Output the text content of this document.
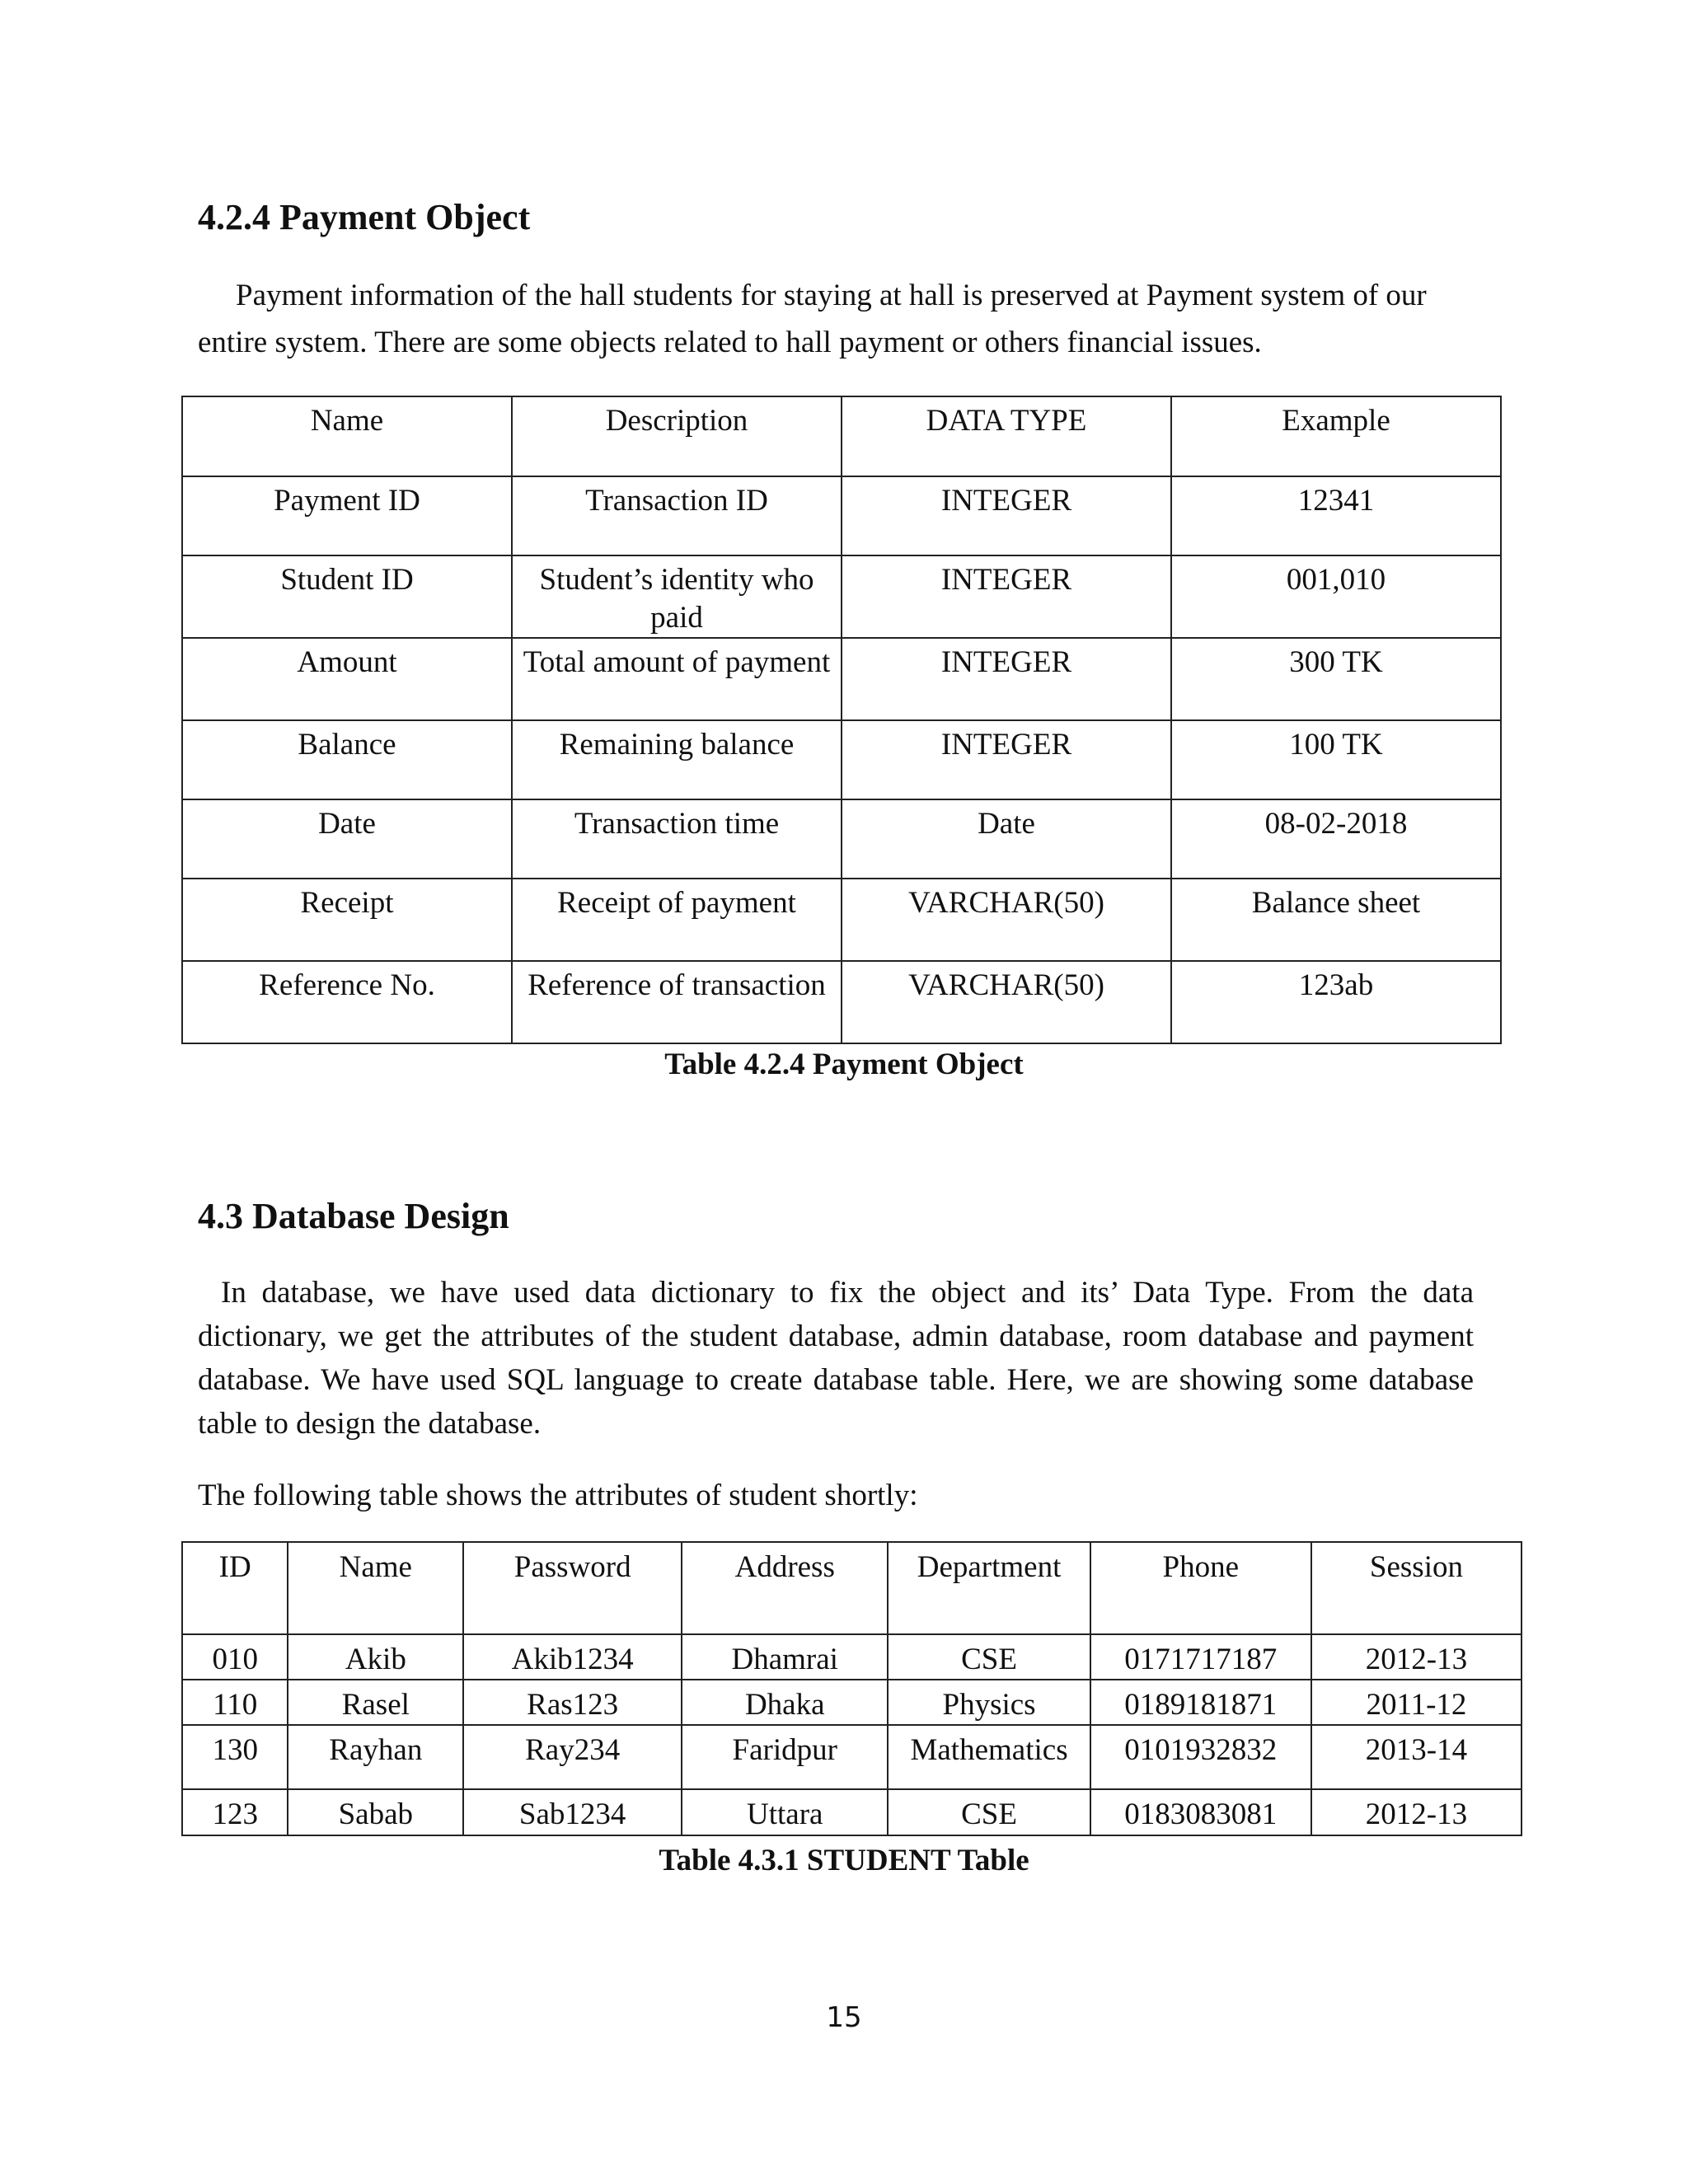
4.2.4 Payment Object

Payment information of the hall students for staying at hall is preserved at Payment system of our entire system. There are some objects related to hall payment or others financial issues.

Name	Description	DATA TYPE	Example
Payment ID	Transaction ID	INTEGER	12341
Student ID	Student’s identity who paid	INTEGER	001,010
Amount	Total amount of payment	INTEGER	300 TK
Balance	Remaining balance	INTEGER	100 TK
Date	Transaction time	Date	08-02-2018
Receipt	Receipt of payment	VARCHAR(50)	Balance sheet
Reference No.	Reference of transaction	VARCHAR(50)	123ab

Table 4.2.4 Payment Object

4.3 Database Design

In database, we have used data dictionary to fix the object and its’ Data Type. From the data dictionary, we get the attributes of the student database, admin database, room database and payment database. We have used SQL language to create database table. Here, we are showing some database table to design the database.

The following table shows the attributes of student shortly:

ID	Name	Password	Address	Department	Phone	Session
010	Akib	Akib1234	Dhamrai	CSE	0171717187	2012-13
110	Rasel	Ras123	Dhaka	Physics	0189181871	2011-12
130	Rayhan	Ray234	Faridpur	Mathematics	0101932832	2013-14
123	Sabab	Sab1234	Uttara	CSE	0183083081	2012-13

Table 4.3.1 STUDENT Table

15
